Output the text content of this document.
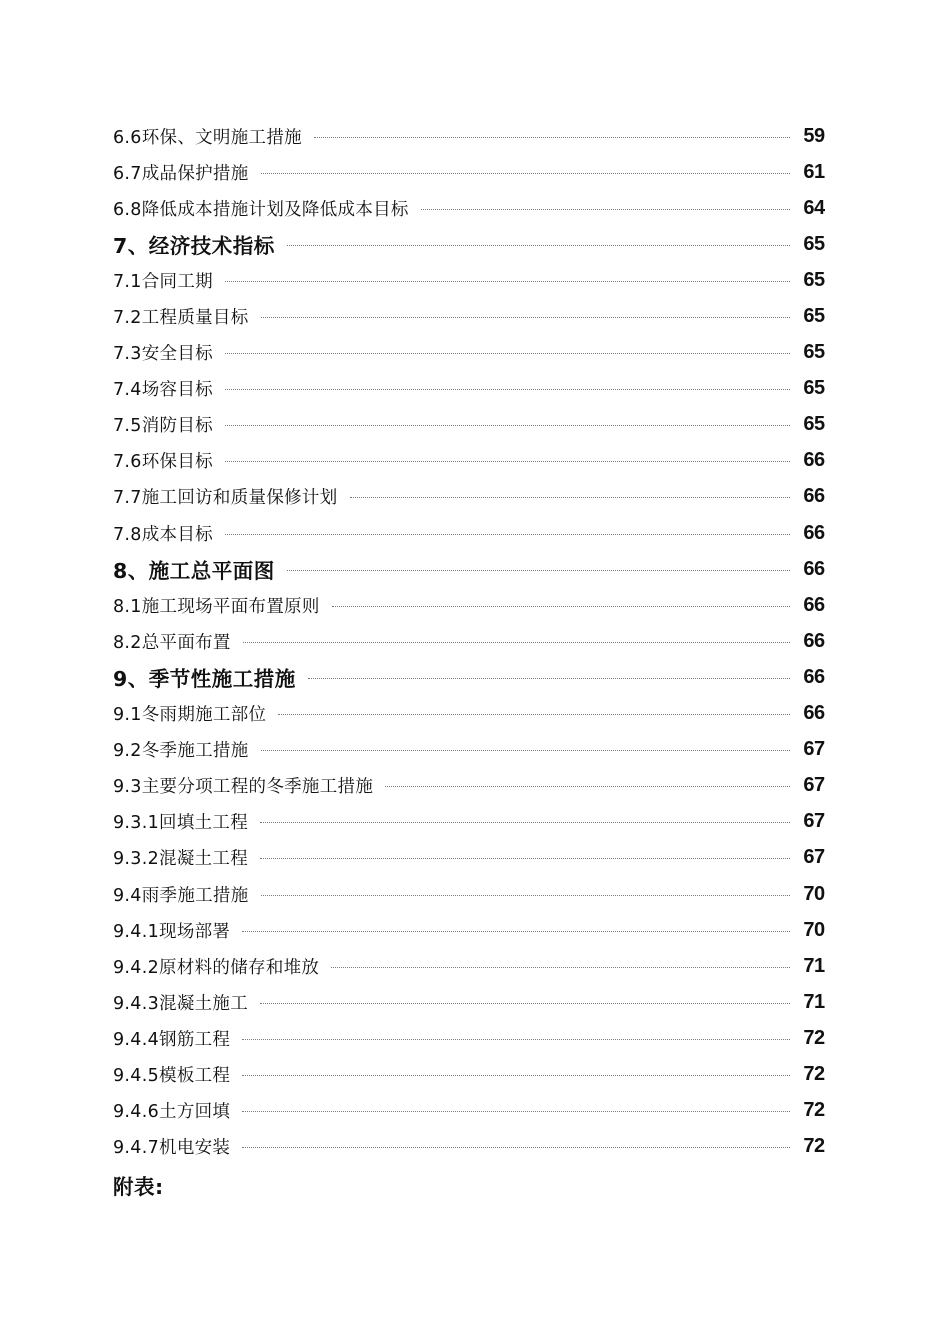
6.6环保、文明施工措施	59
6.7成品保护措施	61
6.8降低成本措施计划及降低成本目标	64
7、经济技术指标	65
7.1合同工期	65
7.2工程质量目标	65
7.3安全目标	65
7.4场容目标	65
7.5消防目标	65
7.6环保目标	66
7.7施工回访和质量保修计划	66
7.8成本目标	66
8、施工总平面图	66
8.1施工现场平面布置原则	66
8.2总平面布置	66
9、季节性施工措施	66
9.1冬雨期施工部位	66
9.2冬季施工措施	67
9.3主要分项工程的冬季施工措施	67
9.3.1回填土工程	67
9.3.2混凝土工程	67
9.4雨季施工措施	70
9.4.1现场部署	70
9.4.2原材料的储存和堆放	71
9.4.3混凝土施工	71
9.4.4钢筋工程	72
9.4.5模板工程	72
9.4.6土方回填	72
9.4.7机电安装	72
附表:
